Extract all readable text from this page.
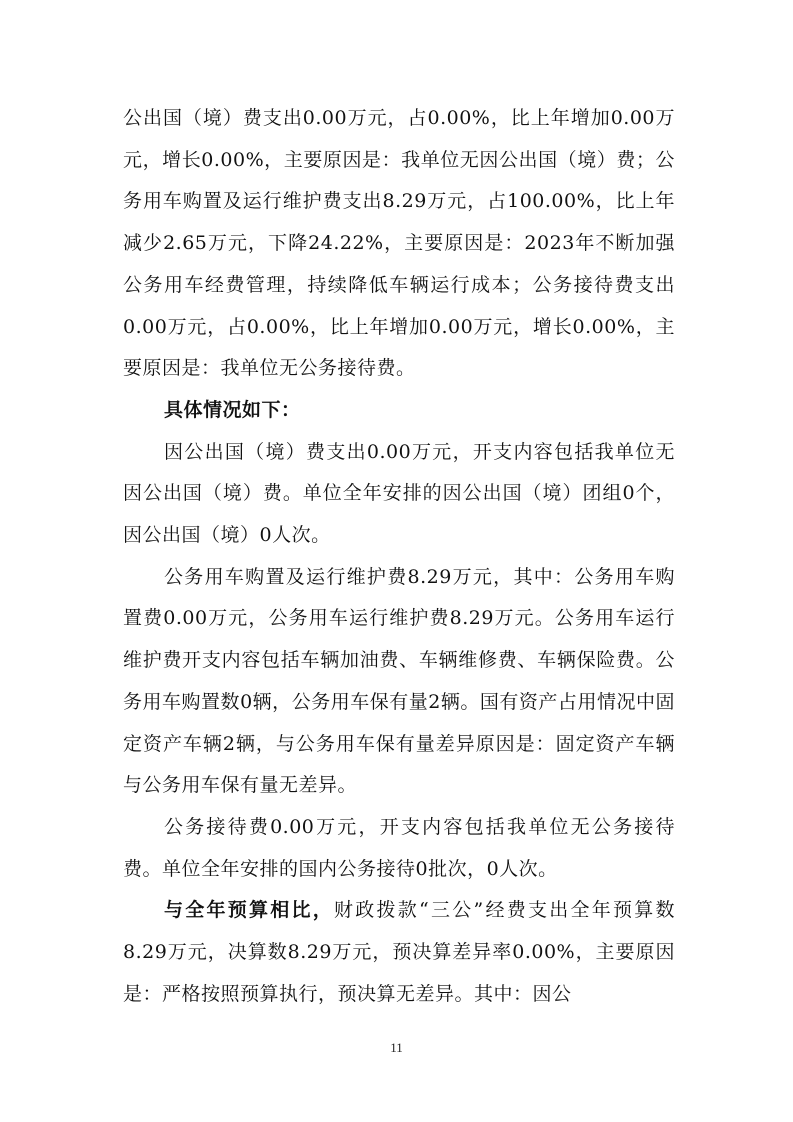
公出国（境）费支出0.00万元，占0.00%，比上年增加0.00万元，增长0.00%，主要原因是：我单位无因公出国（境）费；公务用车购置及运行维护费支出8.29万元，占100.00%，比上年减少2.65万元，下降24.22%，主要原因是：2023年不断加强公务用车经费管理，持续降低车辆运行成本；公务接待费支出0.00万元，占0.00%，比上年增加0.00万元，增长0.00%，主要原因是：我单位无公务接待费。

具体情况如下：

因公出国（境）费支出0.00万元，开支内容包括我单位无因公出国（境）费。单位全年安排的因公出国（境）团组0个，因公出国（境）0人次。

公务用车购置及运行维护费8.29万元，其中：公务用车购置费0.00万元，公务用车运行维护费8.29万元。公务用车运行维护费开支内容包括车辆加油费、车辆维修费、车辆保险费。公务用车购置数0辆，公务用车保有量2辆。国有资产占用情况中固定资产车辆2辆，与公务用车保有量差异原因是：固定资产车辆与公务用车保有量无差异。

公务接待费0.00万元，开支内容包括我单位无公务接待费。单位全年安排的国内公务接待0批次，0人次。

与全年预算相比，财政拨款“三公”经费支出全年预算数8.29万元，决算数8.29万元，预决算差异率0.00%，主要原因是：严格按照预算执行，预决算无差异。其中：因公

11
